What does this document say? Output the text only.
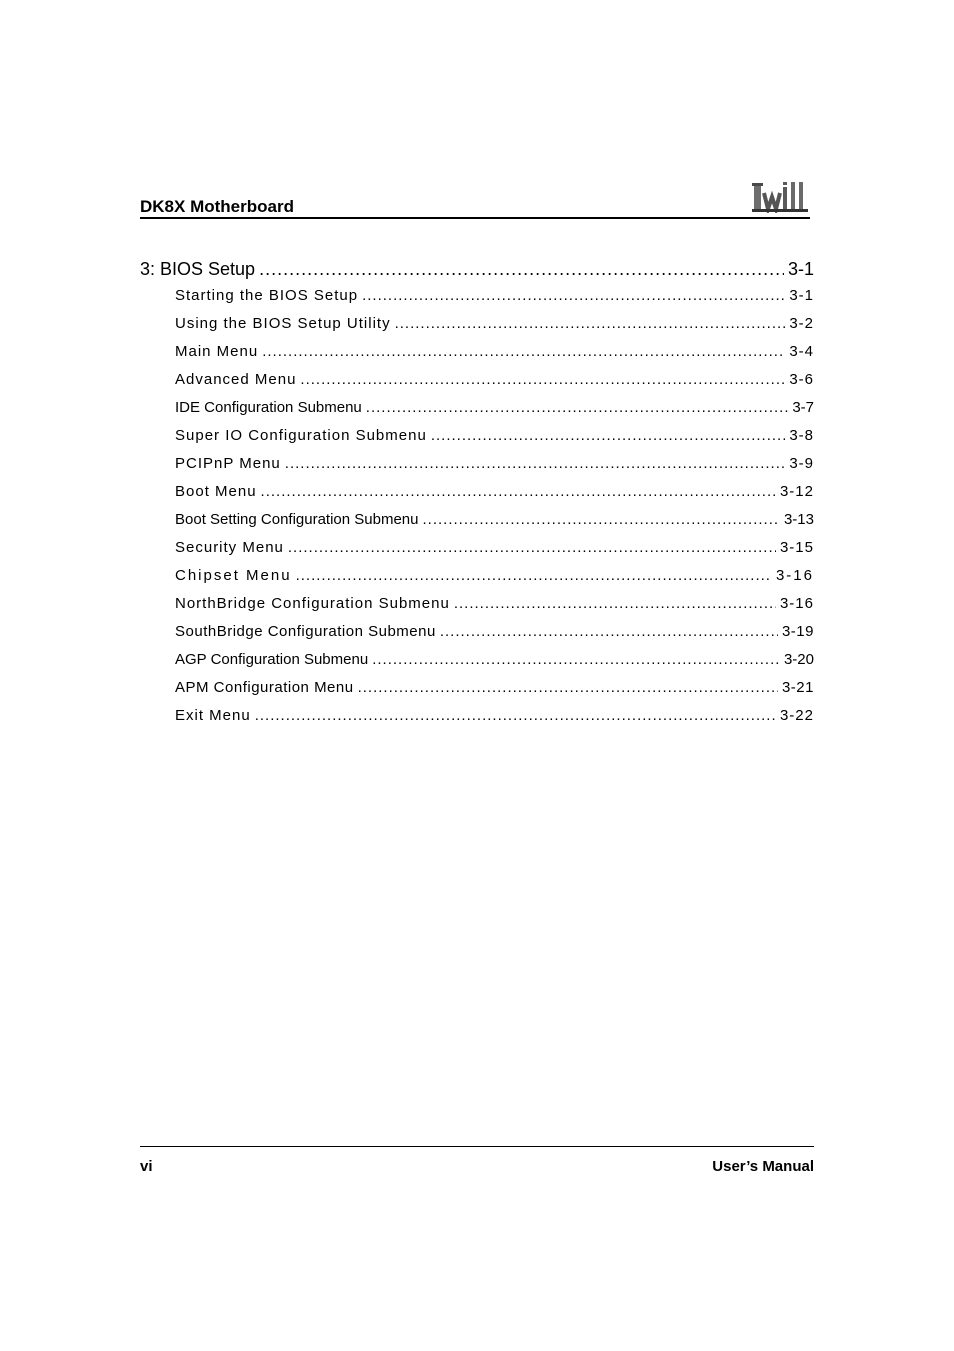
DK8X Motherboard
3: BIOS Setup .....	3-1
Starting the BIOS Setup .....	3-1
Using the BIOS Setup Utility .....	3-2
Main Menu .....	3-4
Advanced Menu .....	3-6
IDE Configuration Submenu .....	3-7
Super IO Configuration Submenu .....	3-8
PCIPnP Menu .....	3-9
Boot Menu .....	3-12
Boot Setting Configuration Submenu .....	3-13
Security Menu .....	3-15
Chipset Menu .....	3-16
NorthBridge Configuration Submenu .....	3-16
SouthBridge Configuration Submenu .....	3-19
AGP Configuration Submenu .....	3-20
APM Configuration Menu .....	3-21
Exit Menu .....	3-22
vi	User’s Manual
